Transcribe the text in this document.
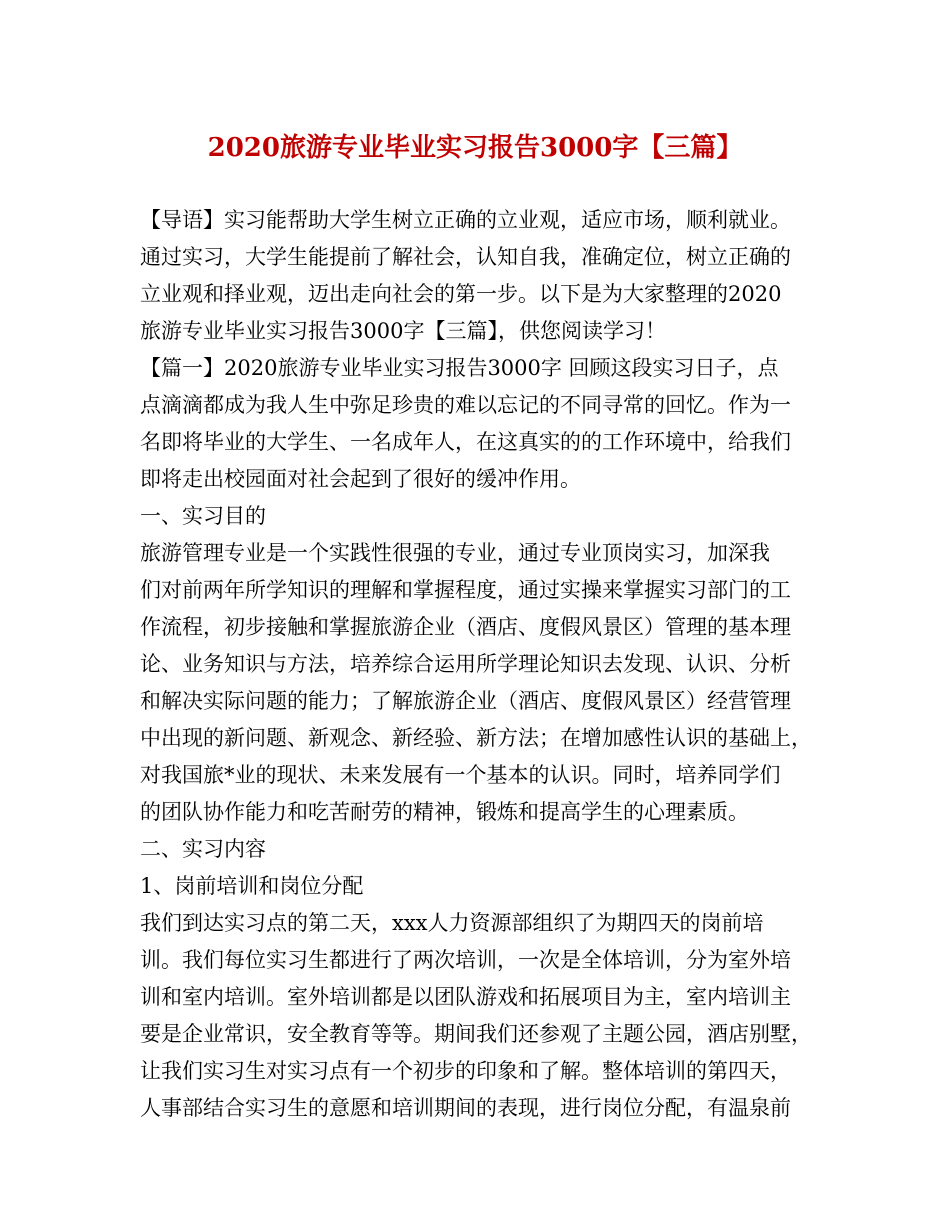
2020旅游专业毕业实习报告3000字【三篇】
【导语】实习能帮助大学生树立正确的立业观，适应市场，顺利就业。
通过实习，大学生能提前了解社会，认知自我，准确定位，树立正确的
立业观和择业观，迈出走向社会的第一步。以下是为大家整理的2020
旅游专业毕业实习报告3000字【三篇】，供您阅读学习！
【篇一】2020旅游专业毕业实习报告3000字 回顾这段实习日子，点
点滴滴都成为我人生中弥足珍贵的难以忘记的不同寻常的回忆。作为一
名即将毕业的大学生、一名成年人，在这真实的的工作环境中，给我们
即将走出校园面对社会起到了很好的缓冲作用。
一、实习目的
旅游管理专业是一个实践性很强的专业，通过专业顶岗实习，加深我
们对前两年所学知识的理解和掌握程度，通过实操来掌握实习部门的工
作流程，初步接触和掌握旅游企业（酒店、度假风景区）管理的基本理
论、业务知识与方法，培养综合运用所学理论知识去发现、认识、分析
和解决实际问题的能力；了解旅游企业（酒店、度假风景区）经营管理
中出现的新问题、新观念、新经验、新方法；在增加感性认识的基础上，
对我国旅*业的现状、未来发展有一个基本的认识。同时，培养同学们
的团队协作能力和吃苦耐劳的精神，锻炼和提高学生的心理素质。
二、实习内容
1、岗前培训和岗位分配
我们到达实习点的第二天，xxx人力资源部组织了为期四天的岗前培
训。我们每位实习生都进行了两次培训，一次是全体培训，分为室外培
训和室内培训。室外培训都是以团队游戏和拓展项目为主，室内培训主
要是企业常识，安全教育等等。期间我们还参观了主题公园，酒店别墅，
让我们实习生对实习点有一个初步的印象和了解。整体培训的第四天，
人事部结合实习生的意愿和培训期间的表现，进行岗位分配，有温泉前
